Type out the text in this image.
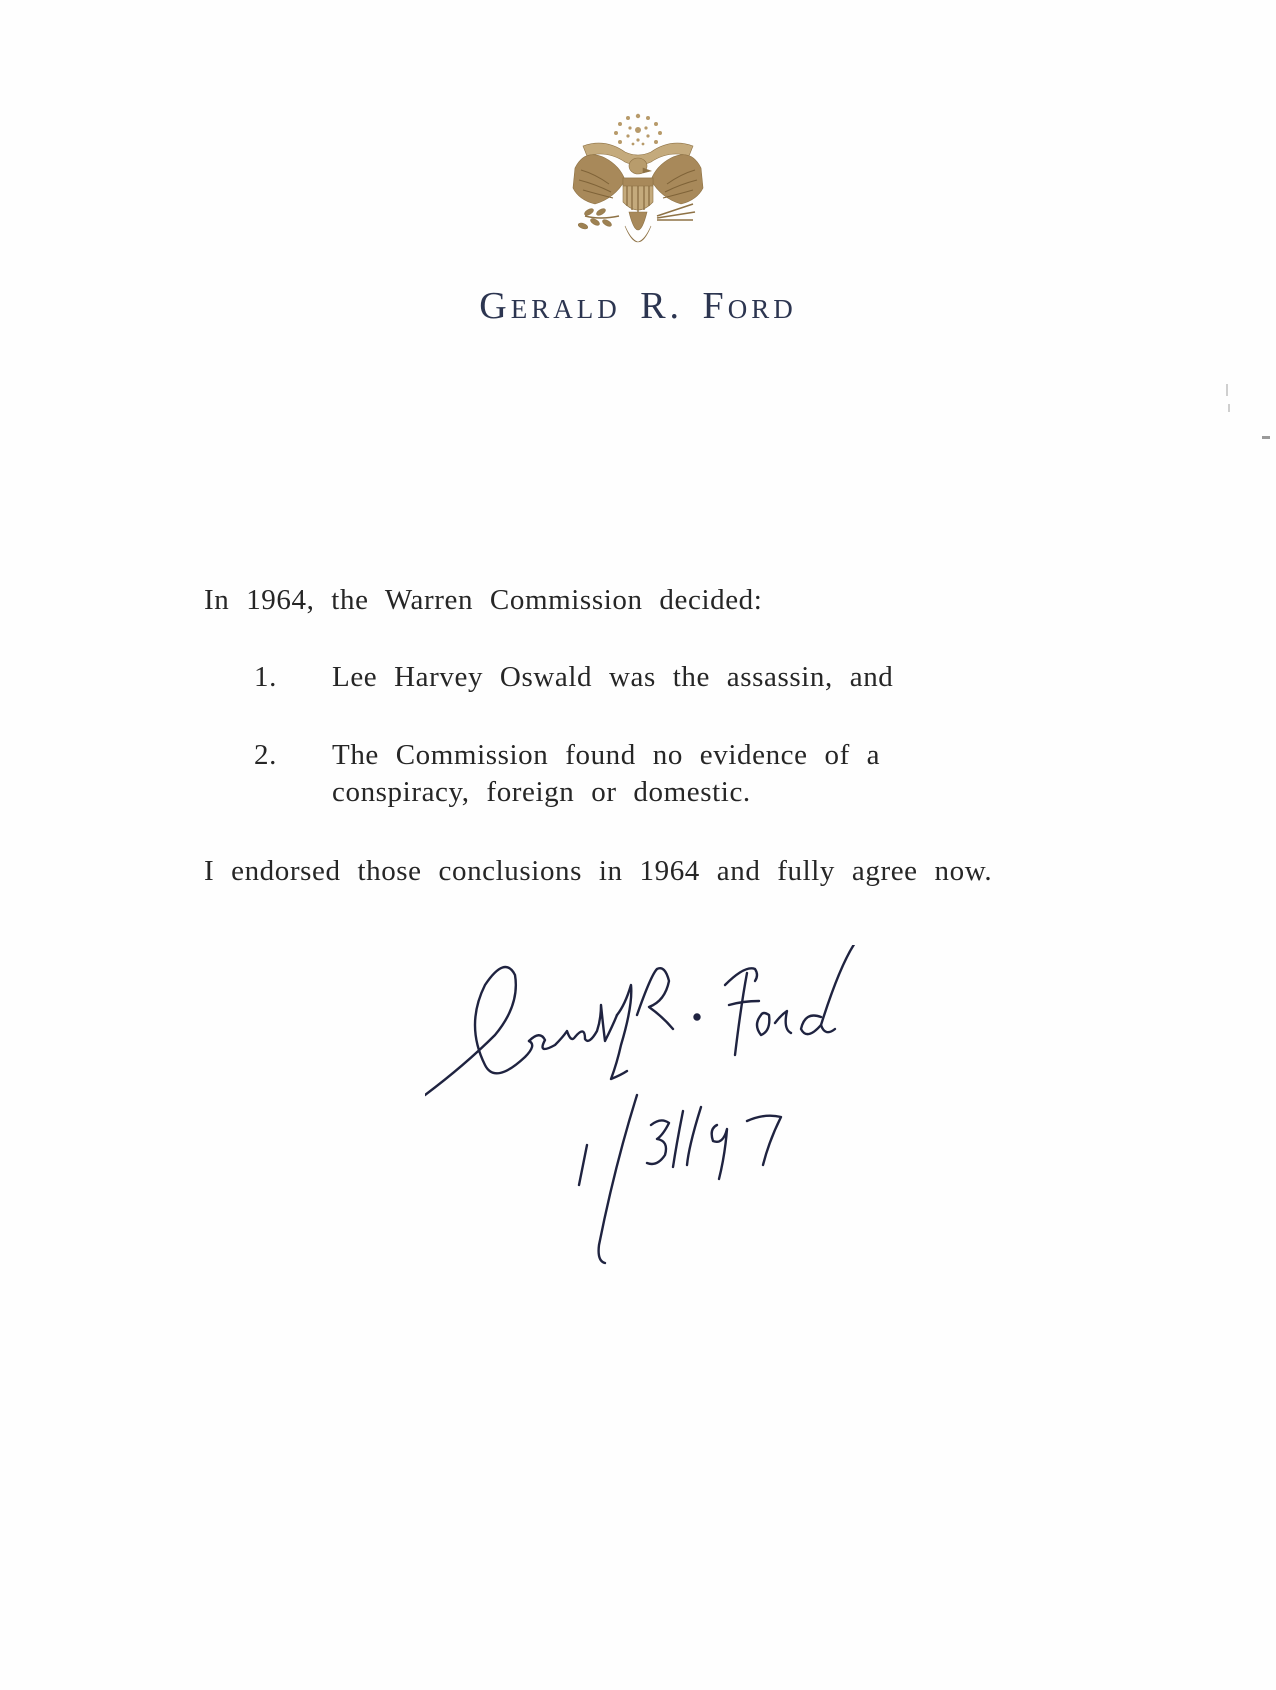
Gerald R. Ford
In 1964, the Warren Commission decided:
1. Lee Harvey Oswald was the assassin, and
2. The Commission found no evidence of a conspiracy, foreign or domestic.
I endorsed those conclusions in 1964 and fully agree now.
